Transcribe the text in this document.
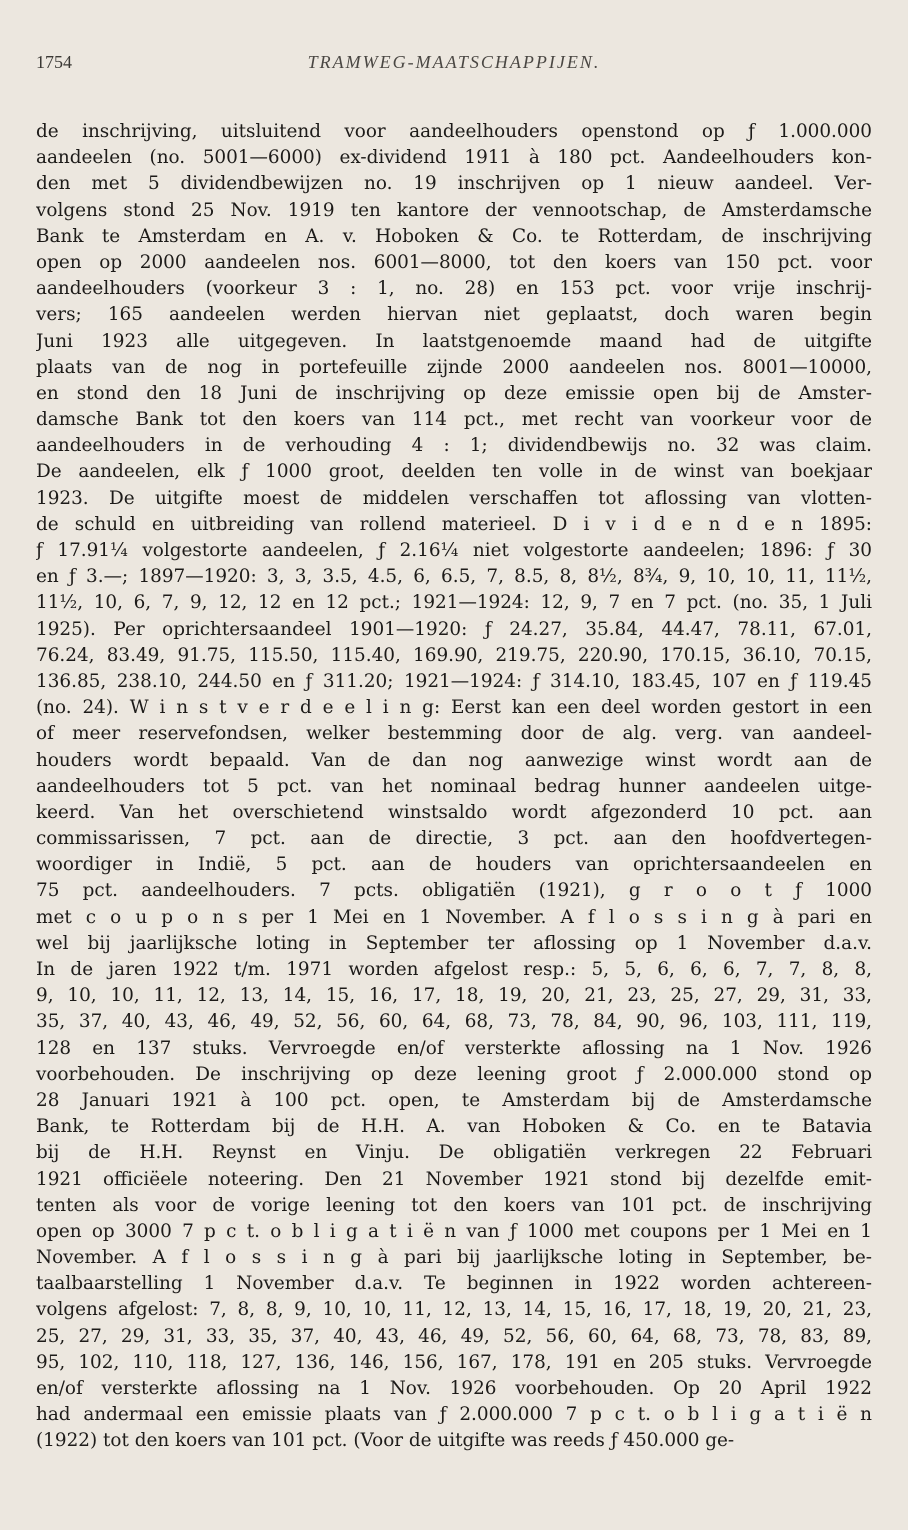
1754	TRAMWEG-MAATSCHAPPIJEN.
de inschrijving, uitsluitend voor aandeelhouders openstond op ƒ 1.000.000
aandeelen (no. 5001—6000) ex-dividend 1911 à 180 pct. Aandeelhouders kon-
den met 5 dividendbewijzen no. 19 inschrijven op 1 nieuw aandeel. Ver-
volgens stond 25 Nov. 1919 ten kantore der vennootschap, de Amsterdamsche
Bank te Amsterdam en A. v. Hoboken & Co. te Rotterdam, de inschrijving
open op 2000 aandeelen nos. 6001—8000, tot den koers van 150 pct. voor
aandeelhouders (voorkeur 3 : 1, no. 28) en 153 pct. voor vrije inschrij-
vers; 165 aandeelen werden hiervan niet geplaatst, doch waren begin
Juni 1923 alle uitgegeven. In laatstgenoemde maand had de uitgifte
plaats van de nog in portefeuille zijnde 2000 aandeelen nos. 8001—10000,
en stond den 18 Juni de inschrijving op deze emissie open bij de Amster-
damsche Bank tot den koers van 114 pct., met recht van voorkeur voor de
aandeelhouders in de verhouding 4 : 1; dividendbewijs no. 32 was claim.
De aandeelen, elk ƒ 1000 groot, deelden ten volle in de winst van boekjaar
1923. De uitgifte moest de middelen verschaffen tot aflossing van vlotten-
de schuld en uitbreiding van rollend materieel. D i v i d e n d e n 1895:
ƒ 17.91¼ volgestorte aandeelen, ƒ 2.16¼ niet volgestorte aandeelen; 1896: ƒ 30
en ƒ 3.—; 1897—1920: 3, 3, 3.5, 4.5, 6, 6.5, 7, 8.5, 8, 8½, 8¾, 9, 10, 10, 11, 11½,
11½, 10, 6, 7, 9, 12, 12 en 12 pct.; 1921—1924: 12, 9, 7 en 7 pct. (no. 35, 1 Juli
1925). Per oprichtersaandeel 1901—1920: ƒ 24.27, 35.84, 44.47, 78.11, 67.01,
76.24, 83.49, 91.75, 115.50, 115.40, 169.90, 219.75, 220.90, 170.15, 36.10, 70.15,
136.85, 238.10, 244.50 en ƒ 311.20; 1921—1924: ƒ 314.10, 183.45, 107 en ƒ 119.45
(no. 24). W i n s t v e r d e e l i n g: Eerst kan een deel worden gestort in een
of meer reservefondsen, welker bestemming door de alg. verg. van aandeel-
houders wordt bepaald. Van de dan nog aanwezige winst wordt aan de
aandeelhouders tot 5 pct. van het nominaal bedrag hunner aandeelen uitge-
keerd. Van het overschietend winstsaldo wordt afgezonderd 10 pct. aan
commissarissen, 7 pct. aan de directie, 3 pct. aan den hoofdvertegen-
woordiger in Indië, 5 pct. aan de houders van oprichtersaandeelen en
75 pct. aandeelhouders. 7 pcts. obligatiën (1921), g r o o t ƒ 1000
met c o u p o n s per 1 Mei en 1 November. A f l o s s i n g à pari en
wel bij jaarlijksche loting in September ter aflossing op 1 November d.a.v.
In de jaren 1922 t/m. 1971 worden afgelost resp.: 5, 5, 6, 6, 6, 7, 7, 8, 8,
9, 10, 10, 11, 12, 13, 14, 15, 16, 17, 18, 19, 20, 21, 23, 25, 27, 29, 31, 33,
35, 37, 40, 43, 46, 49, 52, 56, 60, 64, 68, 73, 78, 84, 90, 96, 103, 111, 119,
128 en 137 stuks. Vervroegde en/of versterkte aflossing na 1 Nov. 1926
voorbehouden. De inschrijving op deze leening groot ƒ 2.000.000 stond op
28 Januari 1921 à 100 pct. open, te Amsterdam bij de Amsterdamsche
Bank, te Rotterdam bij de H.H. A. van Hoboken & Co. en te Batavia
bij de H.H. Reynst en Vinju. De obligatiën verkregen 22 Februari
1921 officiëele noteering. Den 21 November 1921 stond bij dezelfde emit-
tenten als voor de vorige leening tot den koers van 101 pct. de inschrijving
open op 3000 7 p c t. o b l i g a t i ë n van ƒ 1000 met coupons per 1 Mei en 1
November. A f l o s s i n g à pari bij jaarlijksche loting in September, be-
taalbaarstelling 1 November d.a.v. Te beginnen in 1922 worden achtereen-
volgens afgelost: 7, 8, 8, 9, 10, 10, 11, 12, 13, 14, 15, 16, 17, 18, 19, 20, 21, 23,
25, 27, 29, 31, 33, 35, 37, 40, 43, 46, 49, 52, 56, 60, 64, 68, 73, 78, 83, 89,
95, 102, 110, 118, 127, 136, 146, 156, 167, 178, 191 en 205 stuks. Vervroegde
en/of versterkte aflossing na 1 Nov. 1926 voorbehouden. Op 20 April 1922
had andermaal een emissie plaats van ƒ 2.000.000 7 p c t. o b l i g a t i ë n
(1922) tot den koers van 101 pct. (Voor de uitgifte was reeds ƒ 450.000 ge-
